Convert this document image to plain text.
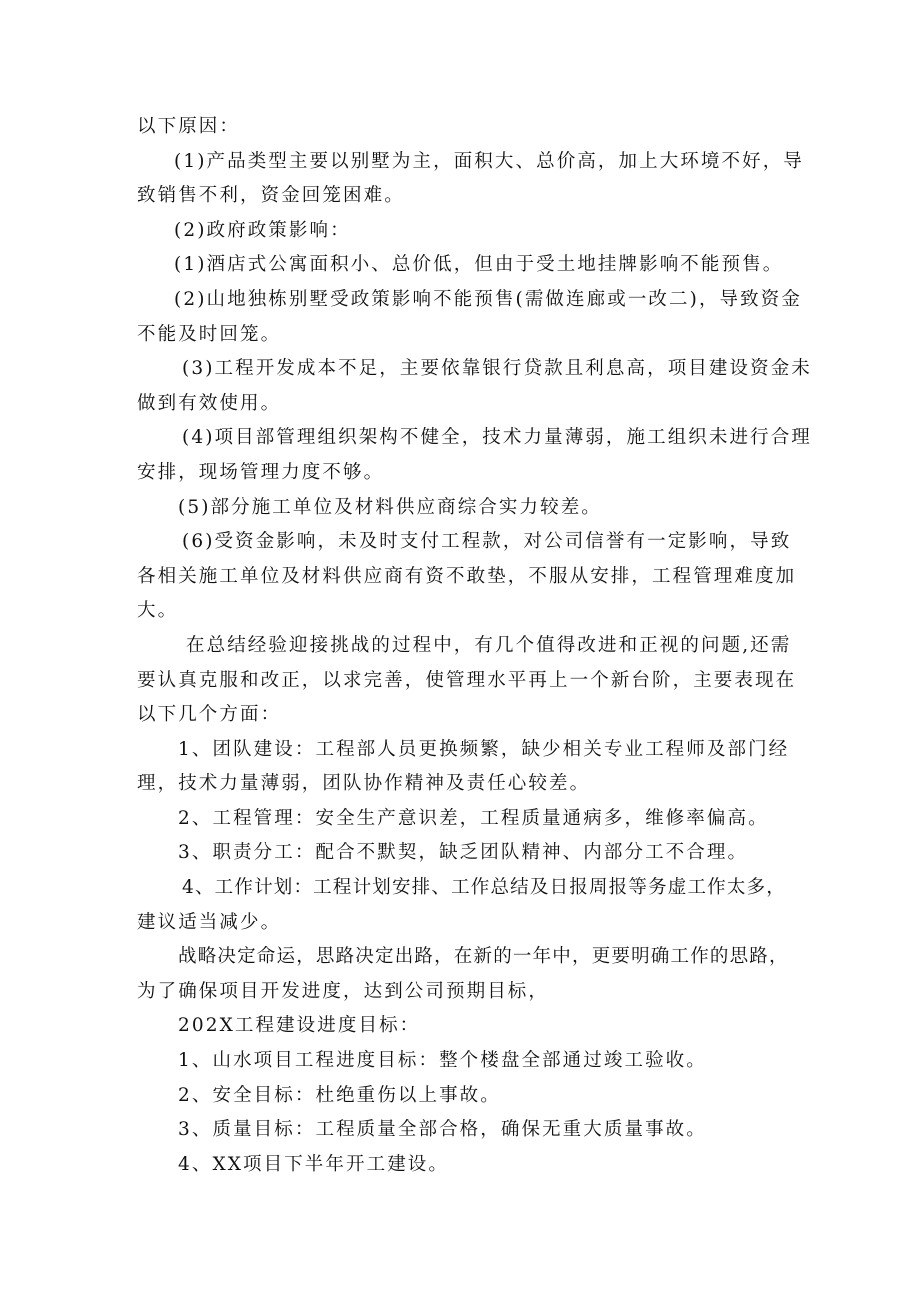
以下原因：
(1)产品类型主要以别墅为主，面积大、总价高，加上大环境不好，导
致销售不利，资金回笼困难。
(2)政府政策影响：
(1)酒店式公寓面积小、总价低，但由于受土地挂牌影响不能预售。
(2)山地独栋别墅受政策影响不能预售(需做连廊或一改二)，导致资金
不能及时回笼。
(3)工程开发成本不足，主要依靠银行贷款且利息高，项目建设资金未
做到有效使用。
(4)项目部管理组织架构不健全，技术力量薄弱，施工组织未进行合理
安排，现场管理力度不够。
(5)部分施工单位及材料供应商综合实力较差。
(6)受资金影响，未及时支付工程款，对公司信誉有一定影响，导致
各相关施工单位及材料供应商有资不敢垫，不服从安排，工程管理难度加
大。
在总结经验迎接挑战的过程中，有几个值得改进和正视的问题,还需
要认真克服和改正，以求完善，使管理水平再上一个新台阶，主要表现在
以下几个方面：
1、团队建设：工程部人员更换频繁，缺少相关专业工程师及部门经
理，技术力量薄弱，团队协作精神及责任心较差。
2、工程管理：安全生产意识差，工程质量通病多，维修率偏高。
3、职责分工：配合不默契，缺乏团队精神、内部分工不合理。
4、工作计划：工程计划安排、工作总结及日报周报等务虚工作太多，
建议适当减少。
战略决定命运，思路决定出路，在新的一年中，更要明确工作的思路，
为了确保项目开发进度，达到公司预期目标，
202X工程建设进度目标：
1、山水项目工程进度目标：整个楼盘全部通过竣工验收。
2、安全目标：杜绝重伤以上事故。
3、质量目标：工程质量全部合格，确保无重大质量事故。
4、XX项目下半年开工建设。
